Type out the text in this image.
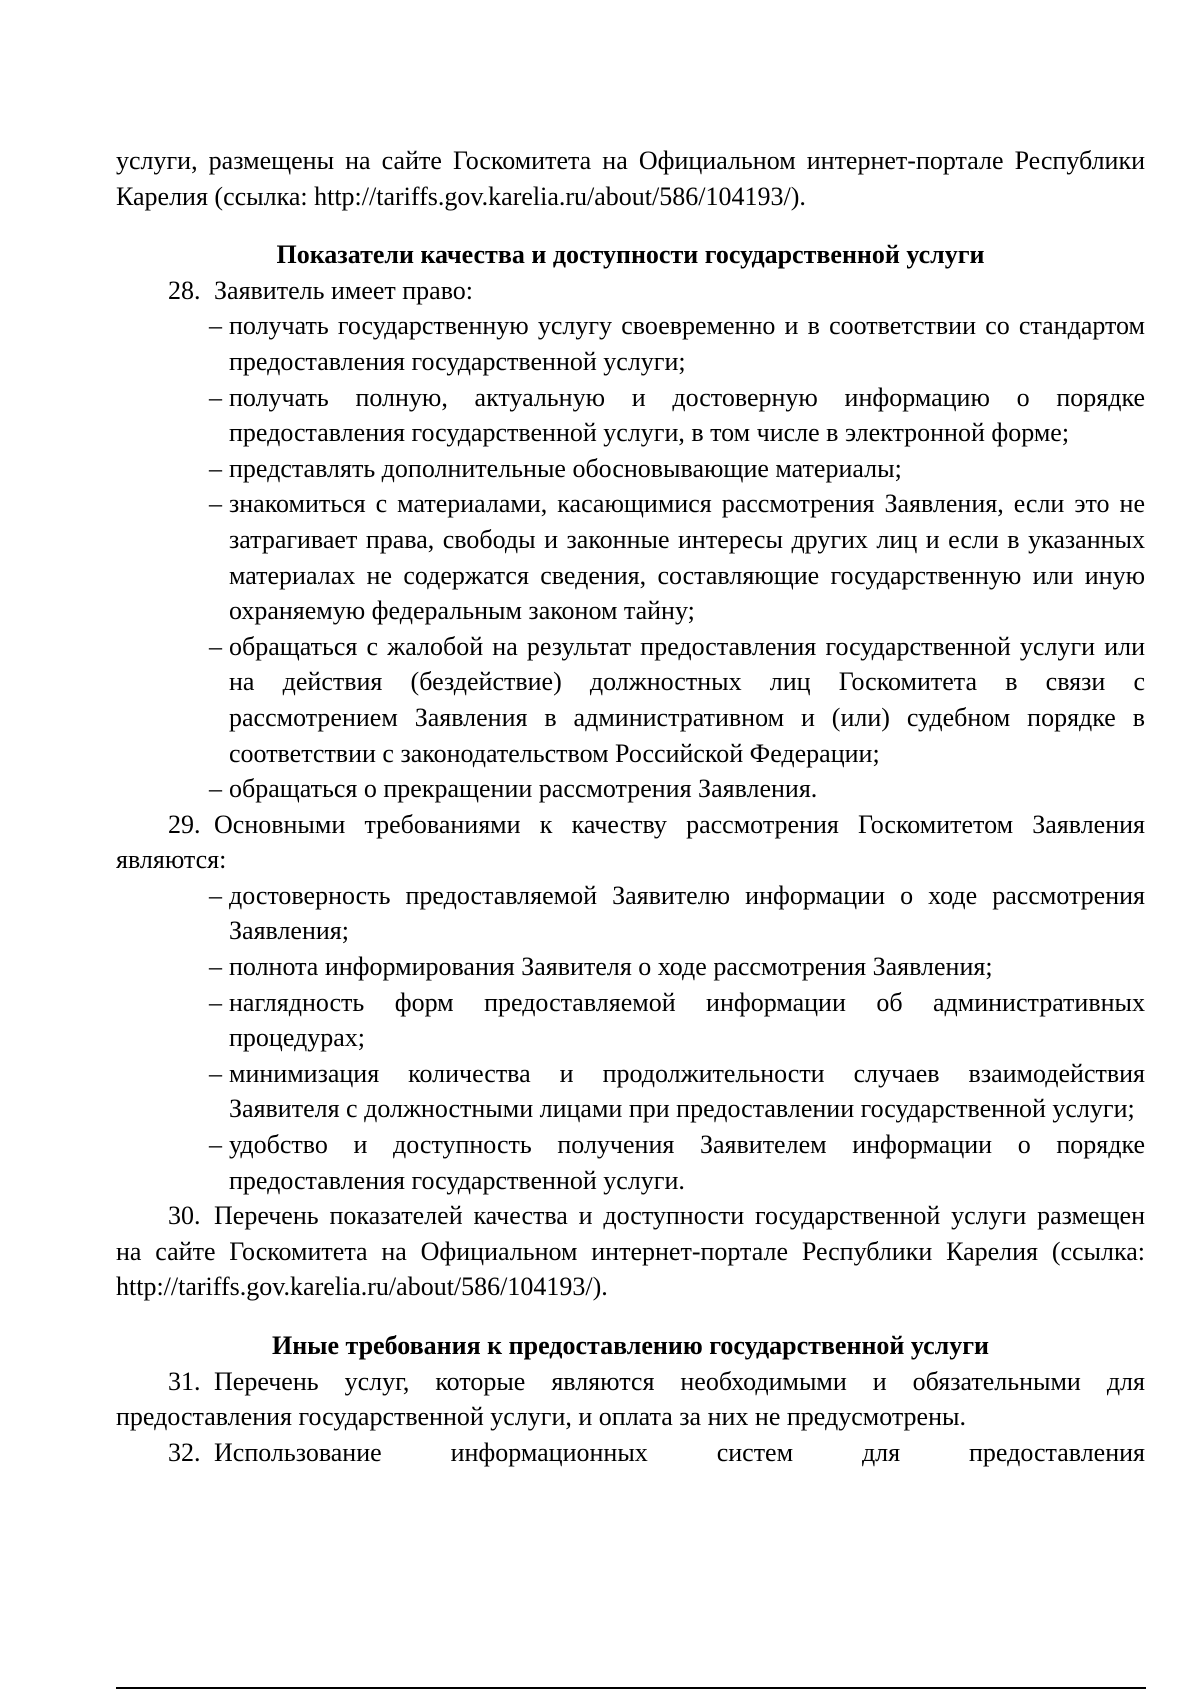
услуги, размещены на сайте Госкомитета на Официальном интернет-портале Республики Карелия (ссылка: http://tariffs.gov.karelia.ru/about/586/104193/).

Показатели качества и доступности государственной услуги

28. Заявитель имеет право:

– получать государственную услугу своевременно и в соответствии со стандартом предоставления государственной услуги;
– получать полную, актуальную и достоверную информацию о порядке предоставления государственной услуги, в том числе в электронной форме;
– представлять дополнительные обосновывающие материалы;
– знакомиться с материалами, касающимися рассмотрения Заявления, если это не затрагивает права, свободы и законные интересы других лиц и если в указанных материалах не содержатся сведения, составляющие государственную или иную охраняемую федеральным законом тайну;
– обращаться с жалобой на результат предоставления государственной услуги или на действия (бездействие) должностных лиц Госкомитета в связи с рассмотрением Заявления в административном и (или) судебном порядке в соответствии с законодательством Российской Федерации;
– обращаться о прекращении рассмотрения Заявления.

29. Основными требованиями к качеству рассмотрения Госкомитетом Заявления являются:

– достоверность предоставляемой Заявителю информации о ходе рассмотрения Заявления;
– полнота информирования Заявителя о ходе рассмотрения Заявления;
– наглядность форм предоставляемой информации об административных процедурах;
– минимизация количества и продолжительности случаев взаимодействия Заявителя с должностными лицами при предоставлении государственной услуги;
– удобство и доступность получения Заявителем информации о порядке предоставления государственной услуги.

30. Перечень показателей качества и доступности государственной услуги размещен на сайте Госкомитета на Официальном интернет-портале Республики Карелия (ссылка: http://tariffs.gov.karelia.ru/about/586/104193/).

Иные требования к предоставлению государственной услуги

31. Перечень услуг, которые являются необходимыми и обязательными для предоставления государственной услуги, и оплата за них не предусмотрены.

32. Использование информационных систем для предоставления
